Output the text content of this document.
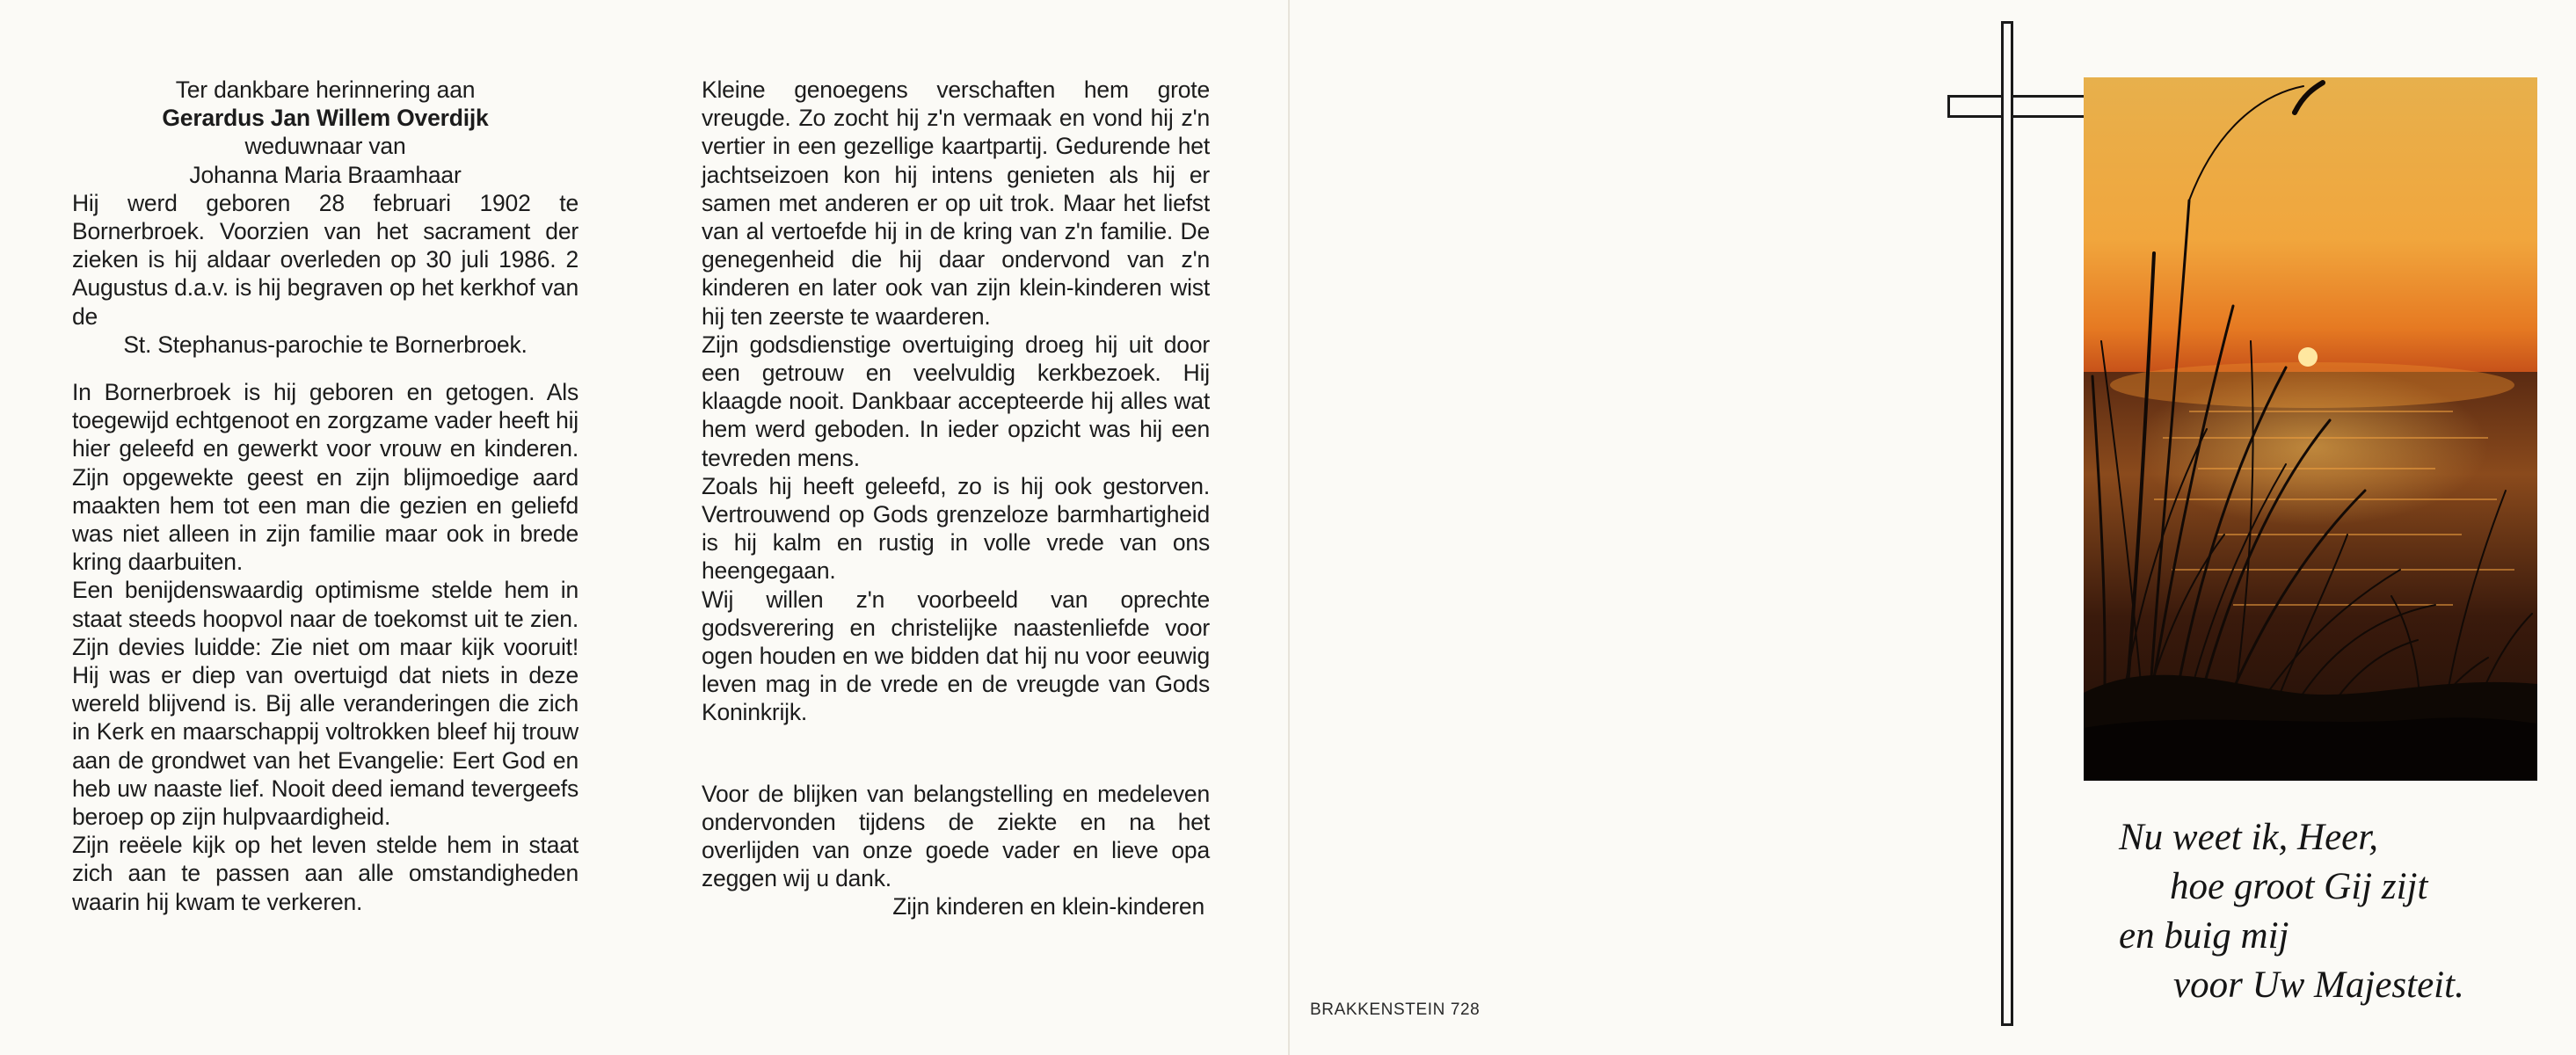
Ter dankbare herinnering aan

Gerardus Jan Willem Overdijk

weduwnaar van

Johanna Maria Braamhaar

Hij werd geboren 28 februari 1902 te Bornerbroek. Voorzien van het sacrament der zieken is hij aldaar overleden op 30 juli 1986. 2 Augustus d.a.v. is hij begraven op het kerkhof van de

St. Stephanus-parochie te Bornerbroek.

In Bornerbroek is hij geboren en getogen. Als toegewijd echtgenoot en zorgzame vader heeft hij hier geleefd en gewerkt voor vrouw en kinderen. Zijn opgewekte geest en zijn blijmoedige aard maakten hem tot een man die gezien en geliefd was niet alleen in zijn familie maar ook in brede kring daarbuiten.

Een benijdenswaardig optimisme stelde hem in staat steeds hoopvol naar de toekomst uit te zien. Zijn devies luidde: Zie niet om maar kijk vooruit! Hij was er diep van overtuigd dat niets in deze wereld blijvend is. Bij alle veranderingen die zich in Kerk en maarschappij voltrokken bleef hij trouw aan de grondwet van het Evangelie: Eert God en heb uw naaste lief. Nooit deed iemand tevergeefs beroep op zijn hulpvaardigheid.

Zijn reëele kijk op het leven stelde hem in staat zich aan te passen aan alle omstandigheden waarin hij kwam te verkeren.

Kleine genoegens verschaften hem grote vreugde. Zo zocht hij z'n vermaak en vond hij z'n vertier in een gezellige kaartpartij. Gedurende het jachtseizoen kon hij intens genieten als hij er samen met anderen er op uit trok. Maar het liefst van al vertoefde hij in de kring van z'n familie. De genegenheid die hij daar ondervond van z'n kinderen en later ook van zijn klein-kinderen wist hij ten zeerste te waarderen.

Zijn godsdienstige overtuiging droeg hij uit door een getrouw en veelvuldig kerkbezoek. Hij klaagde nooit. Dankbaar accepteerde hij alles wat hem werd geboden. In ieder opzicht was hij een tevreden mens.

Zoals hij heeft geleefd, zo is hij ook gestorven. Vertrouwend op Gods grenzeloze barmhartigheid is hij kalm en rustig in volle vrede van ons heengegaan.

Wij willen z'n voorbeeld van oprechte godsverering en christelijke naastenliefde voor ogen houden en we bidden dat hij nu voor eeuwig leven mag in de vrede en de vreugde van Gods Koninkrijk.

Voor de blijken van belangstelling en medeleven ondervonden tijdens de ziekte en na het overlijden van onze goede vader en lieve opa zeggen wij u dank.

Zijn kinderen en klein-kinderen

BRAKKENSTEIN 728
Nu weet ik, Heer,
hoe groot Gij zijt
en buig mij
voor Uw Majesteit.
